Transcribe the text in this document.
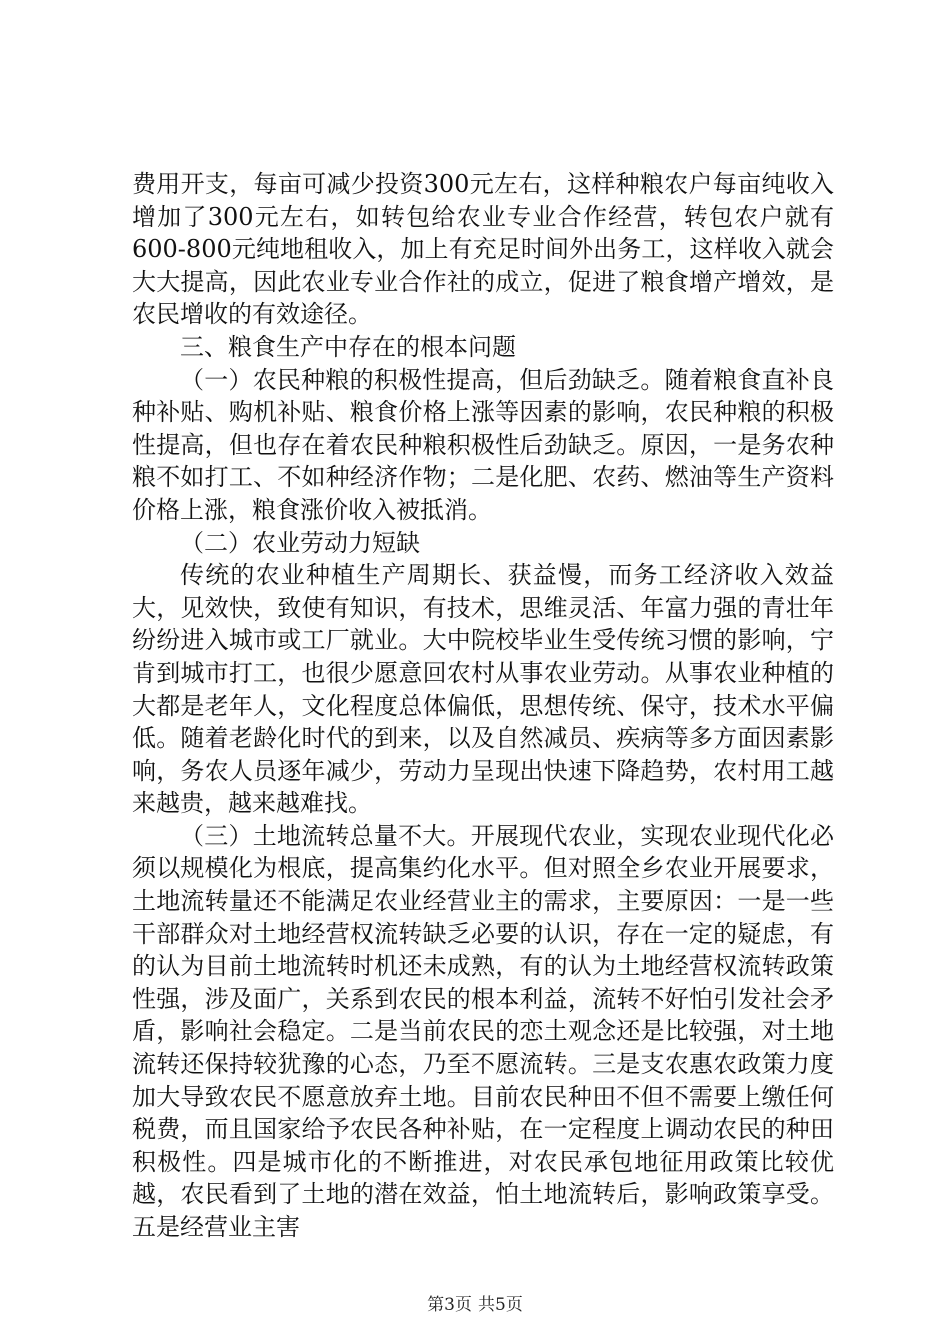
费用开支，每亩可减少投资300元左右，这样种粮农户每亩纯收入增加了300元左右，如转包给农业专业合作经营，转包农户就有600-800元纯地租收入，加上有充足时间外出务工，这样收入就会大大提高，因此农业专业合作社的成立，促进了粮食增产增效，是农民增收的有效途径。

三、粮食生产中存在的根本问题

（一）农民种粮的积极性提高，但后劲缺乏。随着粮食直补良种补贴、购机补贴、粮食价格上涨等因素的影响，农民种粮的积极性提高，但也存在着农民种粮积极性后劲缺乏。原因，一是务农种粮不如打工、不如种经济作物；二是化肥、农药、燃油等生产资料价格上涨，粮食涨价收入被抵消。

（二）农业劳动力短缺

传统的农业种植生产周期长、获益慢，而务工经济收入效益大，见效快，致使有知识，有技术，思维灵活、年富力强的青壮年纷纷进入城市或工厂就业。大中院校毕业生受传统习惯的影响，宁肯到城市打工，也很少愿意回农村从事农业劳动。从事农业种植的大都是老年人，文化程度总体偏低，思想传统、保守，技术水平偏低。随着老龄化时代的到来，以及自然减员、疾病等多方面因素影响，务农人员逐年减少，劳动力呈现出快速下降趋势，农村用工越来越贵，越来越难找。

（三）土地流转总量不大。开展现代农业，实现农业现代化必须以规模化为根底，提高集约化水平。但对照全乡农业开展要求，土地流转量还不能满足农业经营业主的需求，主要原因：一是一些干部群众对土地经营权流转缺乏必要的认识，存在一定的疑虑，有的认为目前土地流转时机还未成熟，有的认为土地经营权流转政策性强，涉及面广，关系到农民的根本利益，流转不好怕引发社会矛盾，影响社会稳定。二是当前农民的恋土观念还是比较强，对土地流转还保持较犹豫的心态，乃至不愿流转。三是支农惠农政策力度加大导致农民不愿意放弃土地。目前农民种田不但不需要上缴任何税费，而且国家给予农民各种补贴，在一定程度上调动农民的种田积极性。四是城市化的不断推进，对农民承包地征用政策比较优越，农民看到了土地的潜在效益，怕土地流转后，影响政策享受。五是经营业主害

第3页 共5页
